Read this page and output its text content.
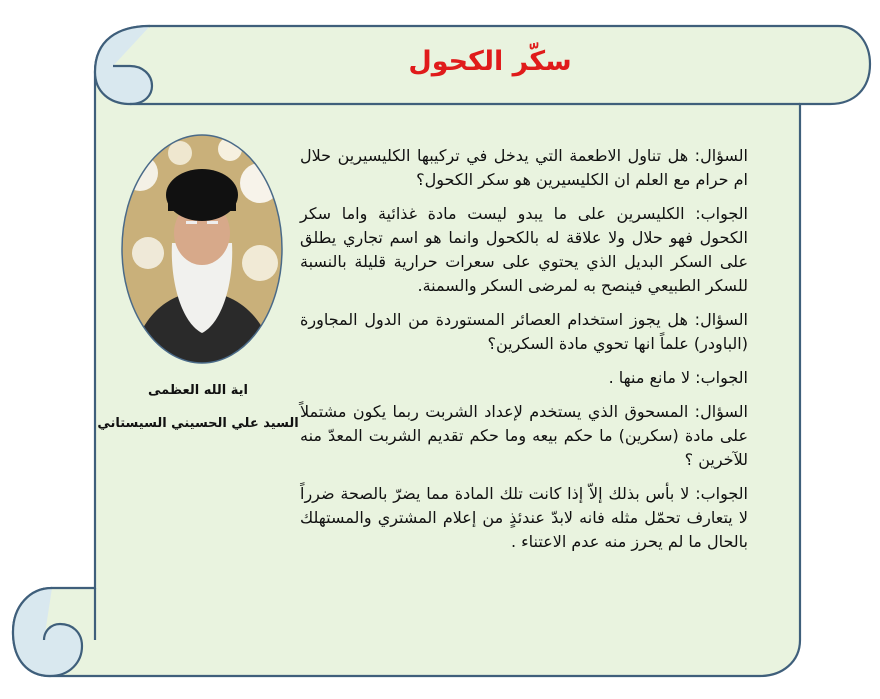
سكّر الكحول
اية الله العظمى
السيد علي الحسيني السيستاني

السؤال: هل تناول الاطعمة التي يدخل في تركيبها الكليسيرين حلال ام حرام مع العلم ان الكليسيرين هو سكر الكحول؟

الجواب: الكليسرين على ما يبدو ليست مادة غذائية واما سكر الكحول فهو حلال ولا علاقة له بالكحول وانما هو اسم تجاري يطلق على السكر البديل الذي يحتوي على سعرات حرارية قليلة بالنسبة للسكر الطبيعي فينصح به لمرضى السكر والسمنة.

السؤال: هل يجوز استخدام العصائر المستوردة من الدول المجاورة (الباودر) علماً انها تحوي مادة السكرين؟

الجواب: لا مانع منها .

السؤال: المسحوق الذي يستخدم لإعداد الشربت ربما يكون مشتملاً على مادة (سكرين) ما حكم بيعه وما حكم تقديم الشربت المعدّ منه للآخرين ؟

الجواب: لا بأس بذلك إلاّ إذا كانت تلك المادة مما يضرّ بالصحة ضرراً لا يتعارف تحمّل مثله فانه لابدّ عندئذٍ من إعلام المشتري والمستهلك بالحال ما لم يحرز منه عدم الاعتناء .
